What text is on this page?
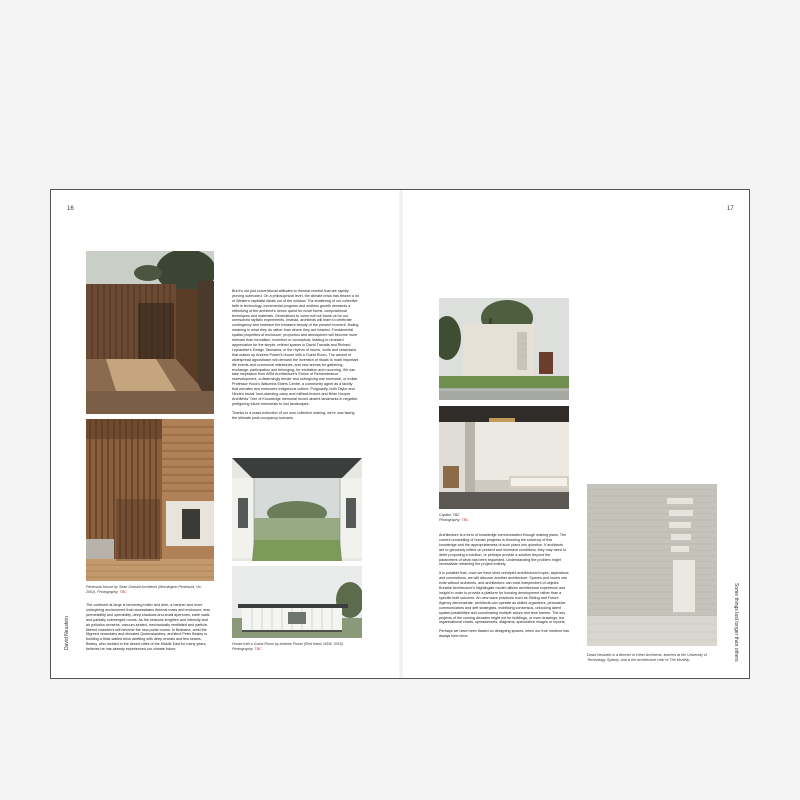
16
David Neustein
Peninsula House by Sean Godsell Architects (Mornington Peninsula, Vic, 2002). Photography: TBC

The continent at large is becoming hotter and drier, a harsher and more unforgiving environment that necessitates thermal mass and enclosure, less permeability and operability, deep shadows and small apertures, earth walls and partially submerged rooms. As the seasons lengthen and intensify and air pollution worsens, vacuum-sealed, mechanically ventilated and particle-filtered chambers will become the new purist rooms. In Brisbane, amid the filigreed verandahs and elevated Queenslanders, architect Peter Besley is building a thick-walled brick dwelling with deep reveals and few seams. Besley, who resided in the desert cities of the Middle East for many years, believes he has already experienced our climate future.

But it's not just conventional attitudes to thermal comfort that are rapidly proving outmoded. On a philosophical level, the climate crisis has thrown a lot of Western capitalist ideals out of the window. The shattering of our collective faith in technology, incremental progress and endless growth demands a rethinking of the architect's heroic quest for novel forms, compositional techniques and materials. Generations to come will not thank us for our unresolved stylistic experiments. Instead, architects will learn to celebrate contingency and embrace the transient beauty of the present moment, finding meaning in what they do rather than where they are headed. Fundamental spatial properties of enclosure, proportion and atmosphere will become more relevant than formalism, invention or conceptual, leading to renewed appreciation for the simple, refined spaces in David Travalia and Richard Leplastrier's Design Tasmania, or the rhythm of rooms, voids and verandahs that makes up Andrew Power's House with a Guest Room. The advent of widespread agnosticism will demand the invention of rituals to mark important life events and communal milestones, and new arenas for gathering, exchange, participation and belonging, for exultation and mourning. We can take inspiration from ARM Architecture's Shrine of Remembrance redevelopment, a disarmingly tender and unforgiving war memorial, or Indiah Professor Hook's Walumba Elders Centre, a community agent as a facility that elevates and embraces Indigenous culture. Poignantly, both Taylor and Hinds's brutal, lumi-standing camp and milliard-lecture and Brian Hooper Architects' Tree of Knowledge memorial record absent landmarks in negative, prefiguring future memorials to lost landscapes.

Thanks to a mass extinction of our own collective making, we're now facing the ultimate post-occupancy scenario.

House with a Guest Room by Andrew Power (Red Hand, NSW, 2018). Photography: TBC
17
Some things last longer than others
Caption TBC
Photography: TBC

Architecture is a form of knowledge communicated through making plans. The current unravelling of human progress is throwing the solvency of this knowledge and the appropriateness of such plans into question. If architects are to genuinely reflect on present and imminent conditions, they may need to defer proposing a solution, or perhaps provide a solution beyond the parameters of what has been requested. Understanding the problem might necessitate reframing the project entirely.

It is possible that, once we have shed unhelpful architectural tropes, aspirations and conventions, we will discover another architecture. Spaces and rooms can exist without architects, and architecture can exist independent of objects. Breathe Architecture's Nightingale model utilizes architectural experience and insight in order to provide a platform for housing development rather than a specific built outcome. An new wave practices such as Sibling and Future Agency demonstrate, architects can operate as skilled organizers, persuasive communicators and deft strategists, mobilising consensus, unlocking latent spatial possibilities and coordinating multiple actors and time frames. The key projects of the coming decades might not be buildings, or even drawings, but organisational charts, spreadsheets, diagrams, speculative images or reports.

Perhaps we have been fixated on designing spaces, when our true medium has always been time.

David Neustein is a director of Other Architects, teaches at the University of Technology, Sydney, and is the architecture critic of The Monthly.
